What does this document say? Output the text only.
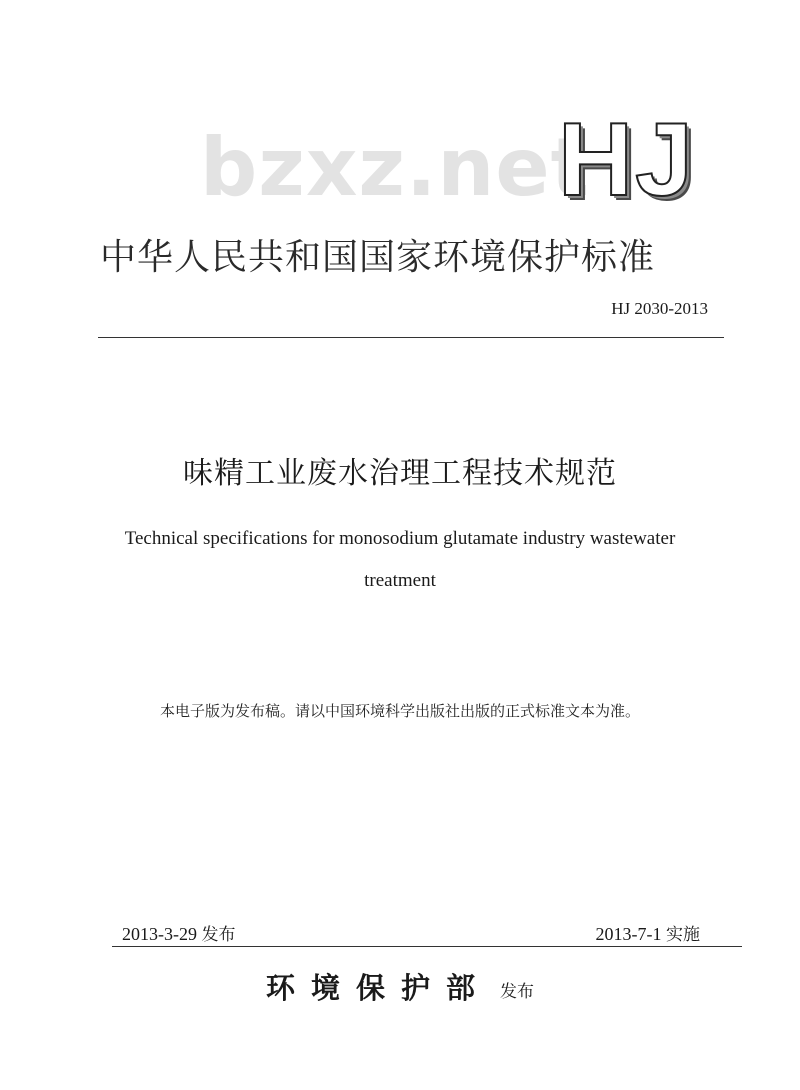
bzxz.net
HJ
中华人民共和国国家环境保护标准
HJ 2030-2013
味精工业废水治理工程技术规范
Technical specifications for monosodium glutamate industry wastewater
treatment
本电子版为发布稿。请以中国环境科学出版社出版的正式标准文本为准。
2013-3-29 发布	2013-7-1 实施
环境保护部 发布
